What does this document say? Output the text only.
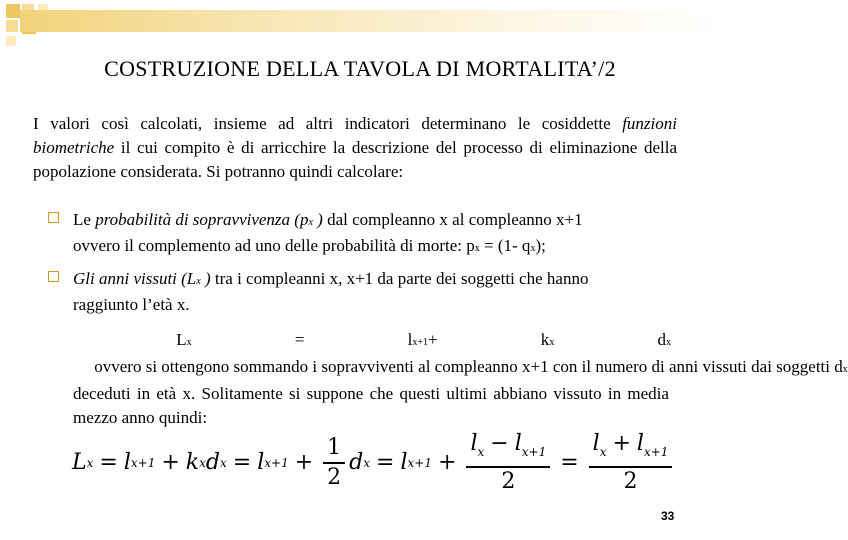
COSTRUZIONE DELLA TAVOLA DI MORTALITA’/2
I valori così calcolati, insieme ad altri indicatori determinano le cosiddette funzioni biometriche il cui compito è di arricchire la descrizione del processo di eliminazione della popolazione considerata. Si potranno quindi calcolare:
Le probabilità di sopravvivenza (px ) dal compleanno x al compleanno x+1
ovvero il complemento ad uno delle probabilità di morte: px = (1- qx);
Gli anni vissuti (Lx ) tra i compleanni x, x+1 da parte dei soggetti che hanno
raggiunto l’età x.
Lx = lx+1+ kx dx     ovvero si ottengono sommando i sopravviventi al compleanno x+1 con il numero di anni vissuti dai soggetti dx deceduti in età x. Solitamente si suppone che questi ultimi abbiano vissuto in media mezzo anno quindi:
L x = l x+1 + k x d x = l $x+1 + \frac{1}{2}$ d x = l $x+1 + \frac{l_x - l_{x+1}}{2} = \frac{l_x + l_{x+1}}{2}$
33
